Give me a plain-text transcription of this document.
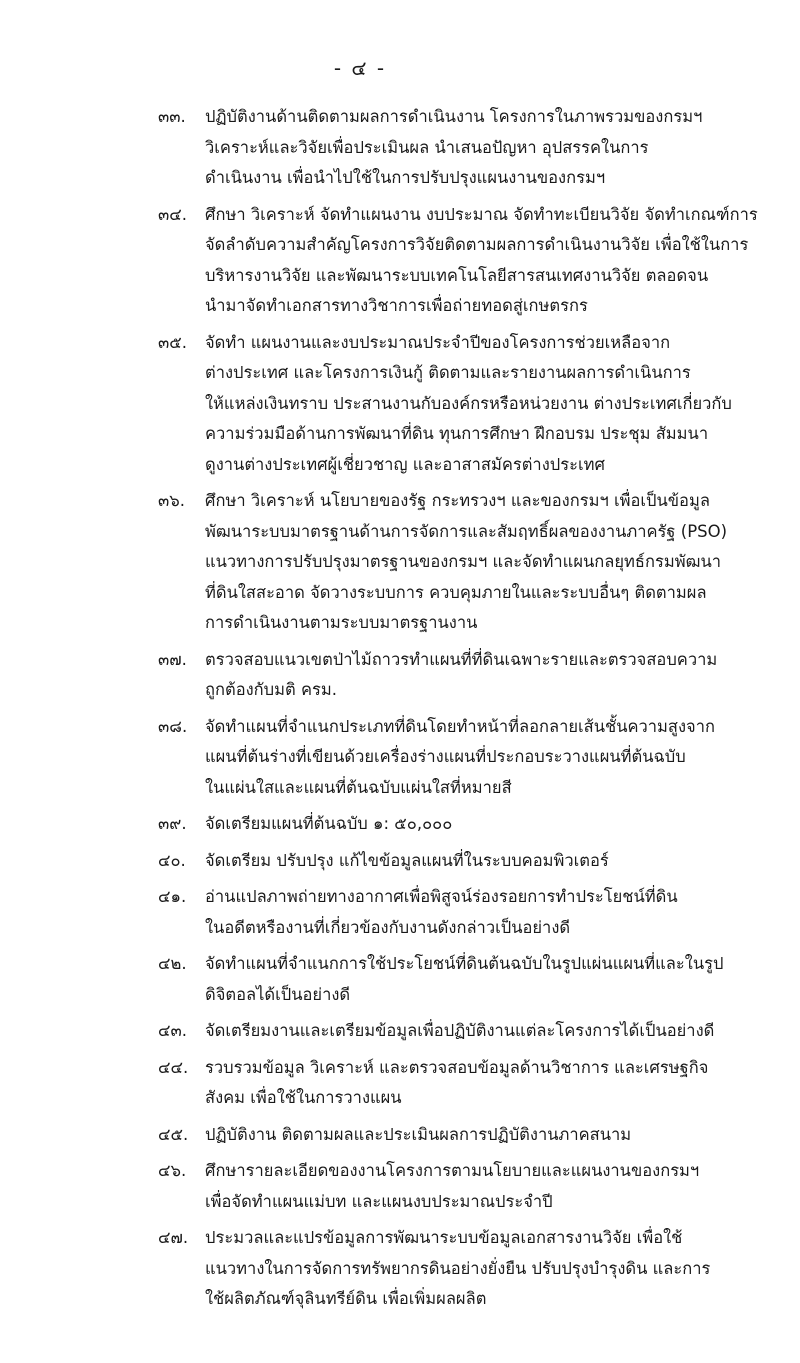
- ๔ -
๓๓.	ปฏิบัติงานด้านติดตามผลการดำเนินงาน โครงการในภาพรวมของกรมฯ
วิเคราะห์และวิจัยเพื่อประเมินผล นำเสนอปัญหา อุปสรรคในการ
ดำเนินงาน เพื่อนำไปใช้ในการปรับปรุงแผนงานของกรมฯ
๓๔.	ศึกษา วิเคราะห์ จัดทำแผนงาน งบประมาณ จัดทำทะเบียนวิจัย จัดทำเกณฑ์การ
จัดลำดับความสำคัญโครงการวิจัยติดตามผลการดำเนินงานวิจัย เพื่อใช้ในการ
บริหารงานวิจัย และพัฒนาระบบเทคโนโลยีสารสนเทศงานวิจัย ตลอดจน
นำมาจัดทำเอกสารทางวิชาการเพื่อถ่ายทอดสู่เกษตรกร
๓๕.	จัดทำ แผนงานและงบประมาณประจำปีของโครงการช่วยเหลือจาก
ต่างประเทศ และโครงการเงินกู้ ติดตามและรายงานผลการดำเนินการ
ให้แหล่งเงินทราบ ประสานงานกับองค์กรหรือหน่วยงาน ต่างประเทศเกี่ยวกับ
ความร่วมมือด้านการพัฒนาที่ดิน ทุนการศึกษา ฝึกอบรม ประชุม สัมมนา
ดูงานต่างประเทศผู้เชี่ยวชาญ และอาสาสมัครต่างประเทศ
๓๖.	ศึกษา วิเคราะห์ นโยบายของรัฐ กระทรวงฯ และของกรมฯ เพื่อเป็นข้อมูล
พัฒนาระบบมาตรฐานด้านการจัดการและสัมฤทธิ์ผลของงานภาครัฐ (PSO)
แนวทางการปรับปรุงมาตรฐานของกรมฯ และจัดทำแผนกลยุทธ์กรมพัฒนา
ที่ดินใสสะอาด จัดวางระบบการ ควบคุมภายในและระบบอื่นๆ ติดตามผล
การดำเนินงานตามระบบมาตรฐานงาน
๓๗.	ตรวจสอบแนวเขตป่าไม้ถาวรทำแผนที่ที่ดินเฉพาะรายและตรวจสอบความ
ถูกต้องกับมติ ครม.
๓๘.	จัดทำแผนที่จำแนกประเภทที่ดินโดยทำหน้าที่ลอกลายเส้นชั้นความสูงจาก
แผนที่ต้นร่างที่เขียนด้วยเครื่องร่างแผนที่ประกอบระวางแผนที่ต้นฉบับ
ในแผ่นใสและแผนที่ต้นฉบับแผ่นใสที่หมายสี
๓๙.	จัดเตรียมแผนที่ต้นฉบับ ๑: ๕๐,๐๐๐
๔๐.	จัดเตรียม ปรับปรุง แก้ไขข้อมูลแผนที่ในระบบคอมพิวเตอร์
๔๑.	อ่านแปลภาพถ่ายทางอากาศเพื่อพิสูจน์ร่องรอยการทำประโยชน์ที่ดิน
ในอดีตหรืองานที่เกี่ยวข้องกับงานดังกล่าวเป็นอย่างดี
๔๒.	จัดทำแผนที่จำแนกการใช้ประโยชน์ที่ดินต้นฉบับในรูปแผ่นแผนที่และในรูป
ดิจิตอลได้เป็นอย่างดี
๔๓.	จัดเตรียมงานและเตรียมข้อมูลเพื่อปฏิบัติงานแต่ละโครงการได้เป็นอย่างดี
๔๔.	รวบรวมข้อมูล วิเคราะห์ และตรวจสอบข้อมูลด้านวิชาการ และเศรษฐกิจ
สังคม เพื่อใช้ในการวางแผน
๔๕.	ปฏิบัติงาน ติดตามผลและประเมินผลการปฏิบัติงานภาคสนาม
๔๖.	ศึกษารายละเอียดของงานโครงการตามนโยบายและแผนงานของกรมฯ
เพื่อจัดทำแผนแม่บท และแผนงบประมาณประจำปี
๔๗.	ประมวลและแปรข้อมูลการพัฒนาระบบข้อมูลเอกสารงานวิจัย เพื่อใช้
แนวทางในการจัดการทรัพยากรดินอย่างยั่งยืน ปรับปรุงบำรุงดิน และการ
ใช้ผลิตภัณฑ์จุลินทรีย์ดิน เพื่อเพิ่มผลผลิต
